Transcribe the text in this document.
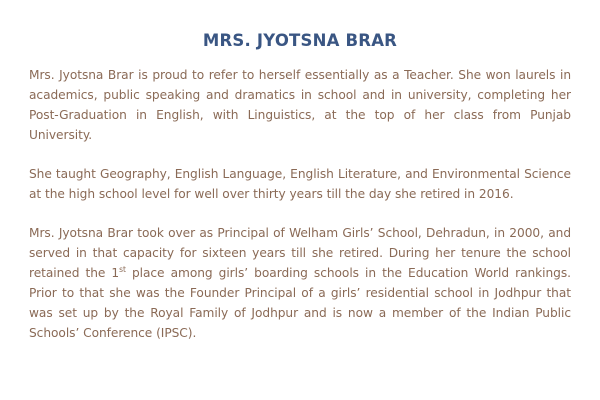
MRS. JYOTSNA BRAR

Mrs. Jyotsna Brar is proud to refer to herself essentially as a Teacher. She won laurels in academics, public speaking and dramatics in school and in university, completing her Post-Graduation in English, with Linguistics, at the top of her class from Punjab University.

She taught Geography, English Language, English Literature, and Environmental Science at the high school level for well over thirty years till the day she retired in 2016.

Mrs. Jyotsna Brar took over as Principal of Welham Girls’ School, Dehradun, in 2000, and served in that capacity for sixteen years till she retired. During her tenure the school retained the 1st place among girls’ boarding schools in the Education World rankings. Prior to that she was the Founder Principal of a girls’ residential school in Jodhpur that was set up by the Royal Family of Jodhpur and is now a member of the Indian Public Schools’ Conference (IPSC).
